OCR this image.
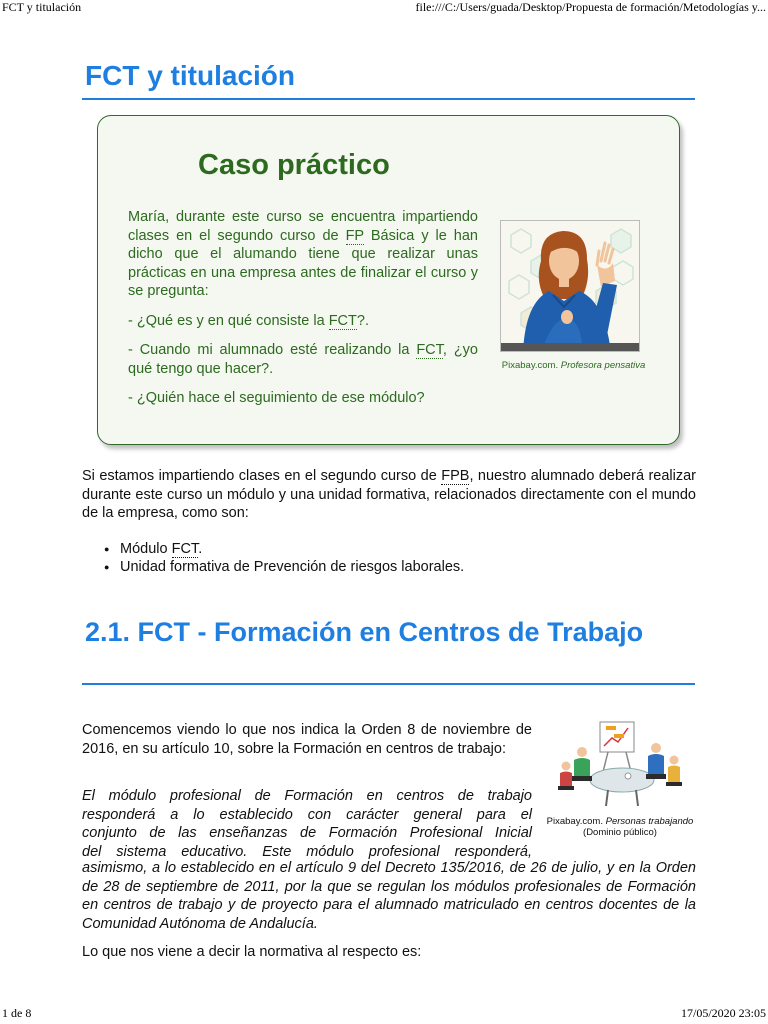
FCT y titulación	file:///C:/Users/guada/Desktop/Propuesta de formación/Metodologías y...
FCT y titulación
Caso práctico

María, durante este curso se encuentra impartiendo clases en el segundo curso de FP Básica y le han dicho que el alumando tiene que realizar unas prácticas en una empresa antes de finalizar el curso y se pregunta:

- ¿Qué es y en qué consiste la FCT?.

- Cuando mi alumnado esté realizando la FCT, ¿yo qué tengo que hacer?.

- ¿Quién hace el seguimiento de ese módulo?

Pixabay.com. Profesora pensativa
Si estamos impartiendo clases en el segundo curso de FPB, nuestro alumnado deberá realizar durante este curso un módulo y una unidad formativa, relacionados directamente con el mundo de la empresa, como son:
● Módulo FCT.
● Unidad formativa de Prevención de riesgos laborales.
2.1. FCT - Formación en Centros de Trabajo
Comencemos viendo lo que nos indica la Orden 8 de noviembre de 2016, en su artículo 10, sobre la Formación en centros de trabajo:
El módulo profesional de Formación en centros de trabajo
responderá a lo establecido con carácter general para el
conjunto de las enseñanzas de Formación Profesional Inicial
del sistema educativo. Este módulo profesional responderá,
asimismo, a lo establecido en el artículo 9 del Decreto 135/2016, de 26 de julio, y en la Orden de 28 de septiembre de 2011, por la que se regulan los módulos profesionales de Formación en centros de trabajo y de proyecto para el alumnado matriculado en centros docentes de la Comunidad Autónoma de Andalucía.
Lo que nos viene a decir la normativa al respecto es:
Pixabay.com. Personas trabajando (Dominio público)
1 de 8	17/05/2020 23:05
